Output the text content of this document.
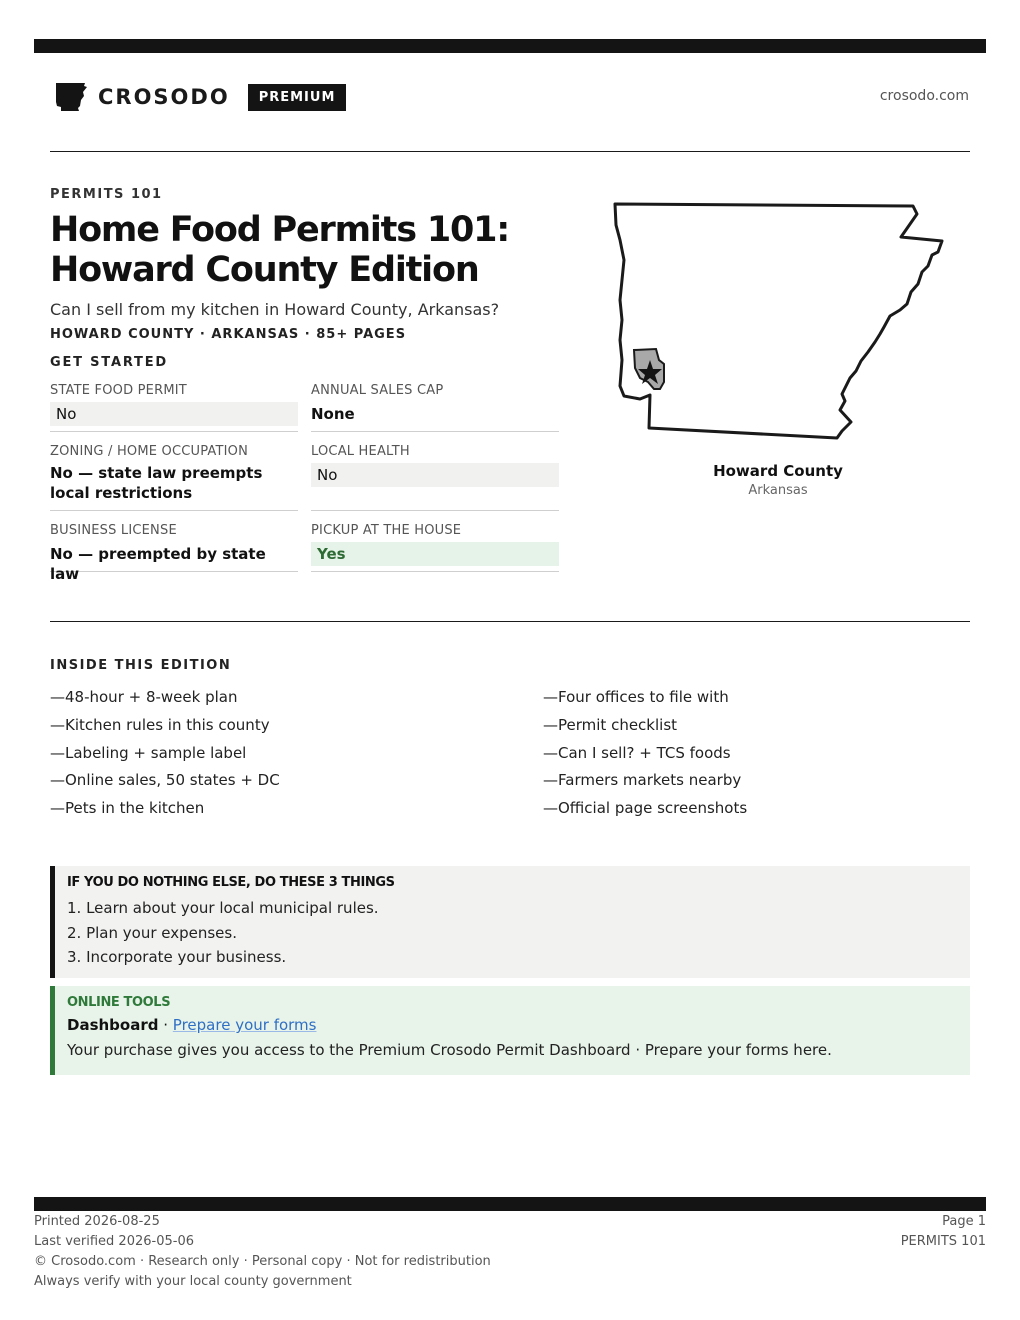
CROSODO	PREMIUM	crosodo.com
PERMITS 101
Home Food Permits 101: Howard County Edition
Can I sell from my kitchen in Howard County, Arkansas?
HOWARD COUNTY · ARKANSAS · 85+ PAGES
GET STARTED
STATE FOOD PERMIT
No
ANNUAL SALES CAP
None
ZONING / HOME OCCUPATION
No — state law preempts local restrictions
LOCAL HEALTH
No
BUSINESS LICENSE
No — preempted by state law
PICKUP AT THE HOUSE
Yes
Howard County
Arkansas
INSIDE THIS EDITION
—48-hour + 8-week plan
—Kitchen rules in this county
—Labeling + sample label
—Online sales, 50 states + DC
—Pets in the kitchen
—Four offices to file with
—Permit checklist
—Can I sell? + TCS foods
—Farmers markets nearby
—Official page screenshots
IF YOU DO NOTHING ELSE, DO THESE 3 THINGS
1. Learn about your local municipal rules.
2. Plan your expenses.
3. Incorporate your business.
ONLINE TOOLS
Dashboard · Prepare your forms
Your purchase gives you access to the Premium Crosodo Permit Dashboard · Prepare your forms here.
Printed 2026-08-25
Last verified 2026-05-06
© Crosodo.com · Research only · Personal copy · Not for redistribution
Always verify with your local county government
Page 1
PERMITS 101
